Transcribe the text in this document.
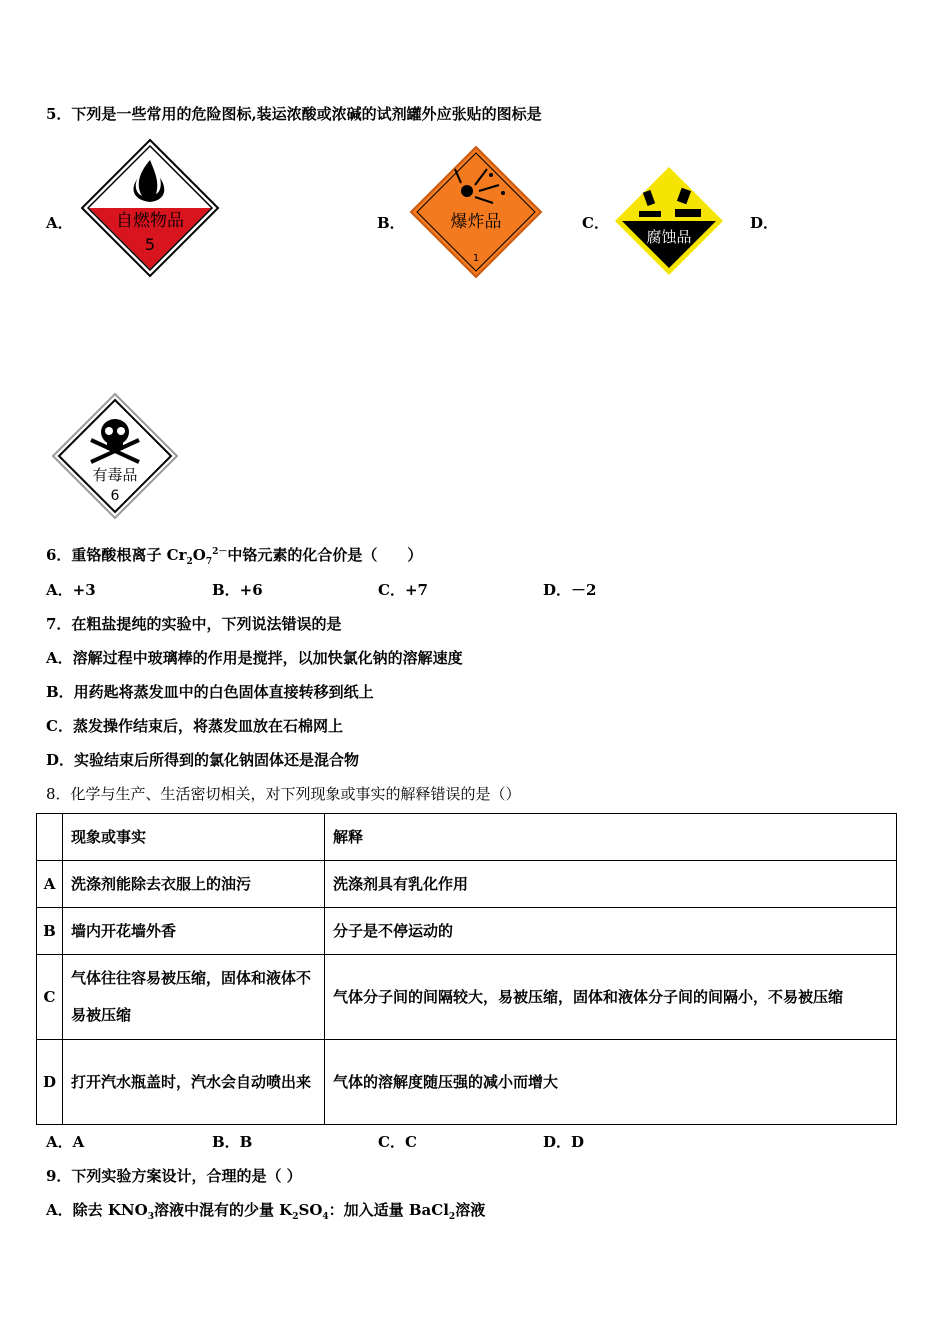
5．下列是一些常用的危险图标,装运浓酸或浓碱的试剂罐外应张贴的图标是
A．	自燃物品
5
B．	爆炸品
1
C．
腐蚀品
D．
有毒品
6
6．重铬酸根离子 $Cr_2O_7^{2-}$中铬元素的化合价是（　　）
A．+3	B．+6	C．+7	D．－2
7．在粗盐提纯的实验中，下列说法错误的是
A．溶解过程中玻璃棒的作用是搅拌，以加快氯化钠的溶解速度
B．用药匙将蒸发皿中的白色固体直接转移到纸上
C．蒸发操作结束后，将蒸发皿放在石棉网上
D．实验结束后所得到的氯化钠固体还是混合物
8．化学与生产、生活密切相关，对下列现象或事实的解释错误的是（）
	现象或事实	解释
A	洗涤剂能除去衣服上的油污	洗涤剂具有乳化作用
B	墙内开花墙外香	分子是不停运动的
C	气体往往容易被压缩，固体和液体不易被压缩	气体分子间的间隔较大，易被压缩，固体和液体分子间的间隔小，不易被压缩
D	打开汽水瓶盖时，汽水会自动喷出来	气体的溶解度随压强的减小而增大
A．A	B．B	C．C	D．D
9．下列实验方案设计，合理的是（ ）
A．除去 $KNO_3$溶液中混有的少量 $K_2SO_4$：加入适量 BaCl$_2$溶液
